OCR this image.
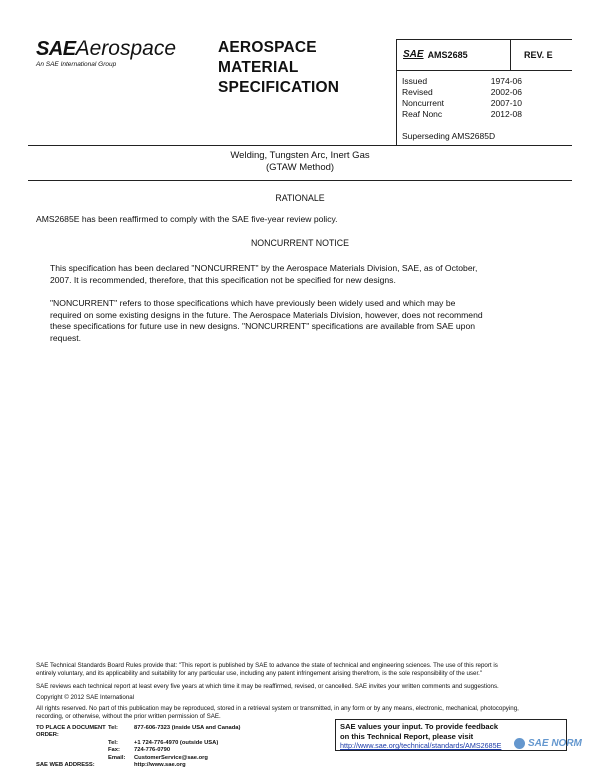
SAEAerospace
An SAE International Group
AEROSPACE
MATERIAL
SPECIFICATION
SAE AMS2685	REV. E
Issued	1974-06
Revised	2002-06
Noncurrent	2007-10
Reaf Nonc	2012-08
Superseding AMS2685D
Welding, Tungsten Arc, Inert Gas
(GTAW Method)
RATIONALE
AMS2685E has been reaffirmed to comply with the SAE five-year review policy.
NONCURRENT NOTICE
This specification has been declared "NONCURRENT" by the Aerospace Materials Division, SAE, as of October,
2007. It is recommended, therefore, that this specification not be specified for new designs.
"NONCURRENT" refers to those specifications which have previously been widely used and which may be
required on some existing designs in the future. The Aerospace Materials Division, however, does not recommend
these specifications for future use in new designs. "NONCURRENT" specifications are available from SAE upon
request.
SAE Technical Standards Board Rules provide that: "This report is published by SAE to advance the state of technical and engineering sciences. The use of this report is
entirely voluntary, and its applicability and suitability for any particular use, including any patent infringement arising therefrom, is the sole responsibility of the user."
SAE reviews each technical report at least every five years at which time it may be reaffirmed, revised, or cancelled. SAE invites your written comments and suggestions.
Copyright © 2012 SAE International
All rights reserved. No part of this publication may be reproduced, stored in a retrieval system or transmitted, in any form or by any means, electronic, mechanical, photocopying,
recording, or otherwise, without the prior written permission of SAE.
TO PLACE A DOCUMENT ORDER:
Tel:	877-606-7323 (inside USA and Canada)
Tel:	+1 724-776-4970 (outside USA)
Fax:	724-776-0790
Email:	CustomerService@sae.org
SAE WEB ADDRESS:	http://www.sae.org
SAE values your input. To provide feedback
on this Technical Report, please visit
http://www.sae.org/technical/standards/AMS2685E	SAE NORM
